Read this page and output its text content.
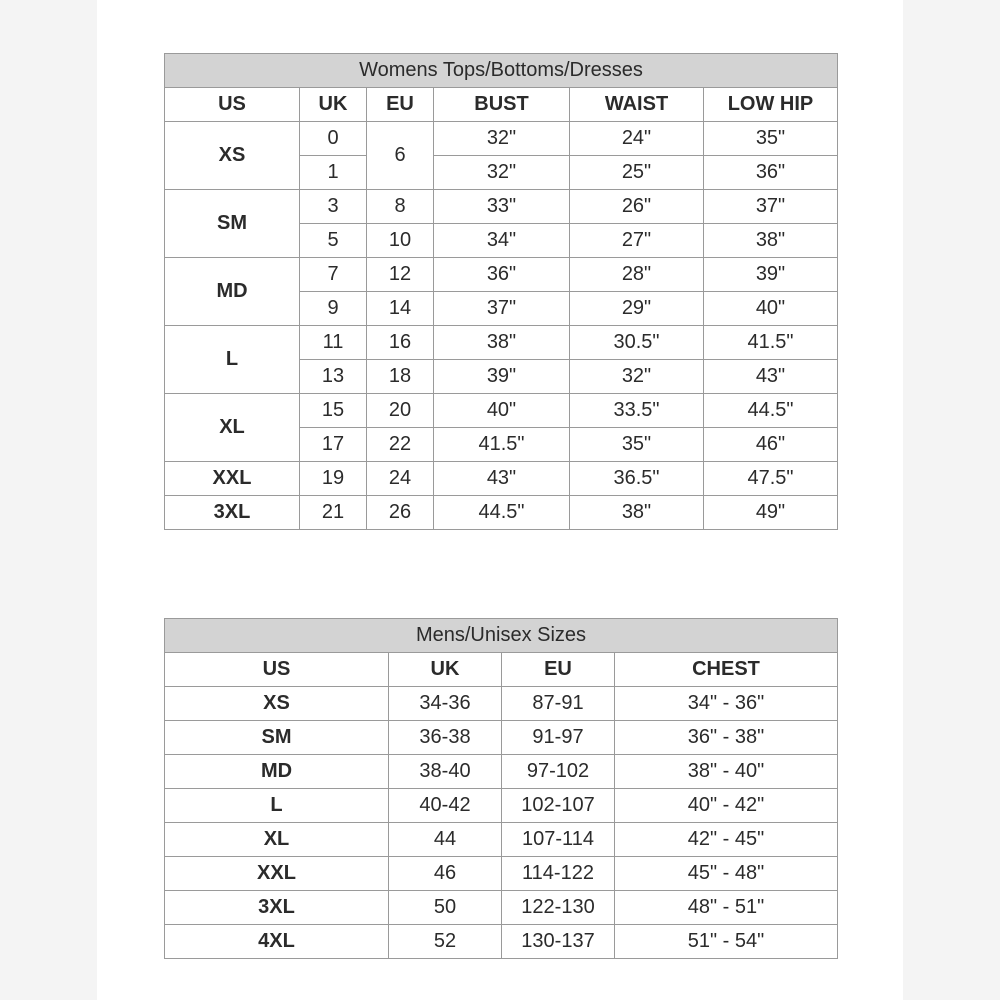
Womens Tops/Bottoms/Dresses					
US	UK	EU	BUST	WAIST	LOW HIP
XS	0	6	32"	24"	35"
	1		32"	25"	36"
SM	3	8	33"	26"	37"
	5	10	34"	27"	38"
MD	7	12	36"	28"	39"
	9	14	37"	29"	40"
L	11	16	38"	30.5"	41.5"
	13	18	39"	32"	43"
XL	15	20	40"	33.5"	44.5"
	17	22	41.5"	35"	46"
XXL	19	24	43"	36.5"	47.5"
3XL	21	26	44.5"	38"	49"
Mens/Unisex Sizes			
US	UK	EU	CHEST
XS	34-36	87-91	34" - 36"
SM	36-38	91-97	36" - 38"
MD	38-40	97-102	38" - 40"
L	40-42	102-107	40" - 42"
XL	44	107-114	42" - 45"
XXL	46	114-122	45" - 48"
3XL	50	122-130	48" - 51"
4XL	52	130-137	51" - 54"
